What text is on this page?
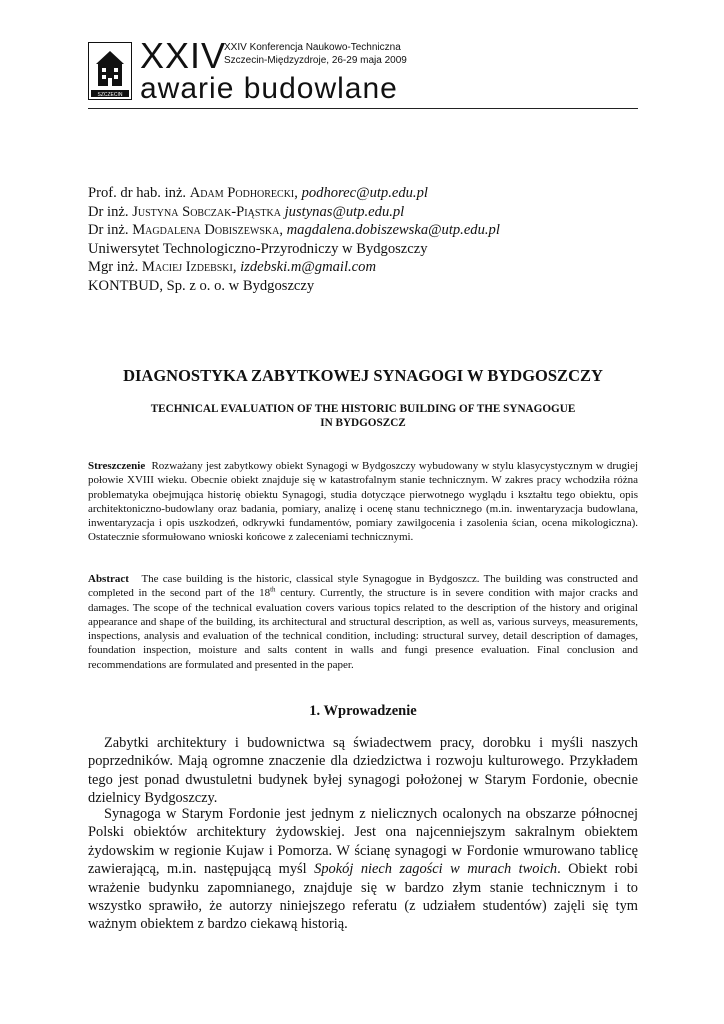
SZCZECIN
XXIV
XXIV Konferencja Naukowo-Techniczna
Szczecin-Międzyzdroje, 26-29 maja 2009
awarie budowlane
Prof. dr hab. inż. Adam Podhorecki, podhorec@utp.edu.pl
Dr inż. Justyna Sobczak-Piąstka justynas@utp.edu.pl
Dr inż. Magdalena Dobiszewska, magdalena.dobiszewska@utp.edu.pl
Uniwersytet Technologiczno-Przyrodniczy w Bydgoszczy
Mgr inż. Maciej Izdebski, izdebski.m@gmail.com
KONTBUD, Sp. z o. o. w Bydgoszczy
DIAGNOSTYKA ZABYTKOWEJ SYNAGOGI W BYDGOSZCZY
TECHNICAL EVALUATION OF THE HISTORIC BUILDING OF THE SYNAGOGUE
IN BYDGOSZCZ
Streszczenie Rozważany jest zabytkowy obiekt Synagogi w Bydgoszczy wybudowany w stylu klasycystycznym w drugiej połowie XVIII wieku. Obecnie obiekt znajduje się w katastrofalnym stanie technicznym. W zakres pracy wchodziła różna problematyka obejmująca historię obiektu Synagogi, studia dotyczące pierwotnego wyglądu i kształtu tego obiektu, opis architektoniczno-budowlany oraz badania, pomiary, analizę i ocenę stanu technicznego (m.in. inwentaryzacja budowlana, inwentaryzacja i opis uszkodzeń, odkrywki fundamentów, pomiary zawilgocenia i zasolenia ścian, ocena mikologiczna). Ostatecznie sformułowano wnioski końcowe z zaleceniami technicznymi.
Abstract The case building is the historic, classical style Synagogue in Bydgoszcz. The building was constructed and completed in the second part of the 18th century. Currently, the structure is in severe condition with major cracks and damages. The scope of the technical evaluation covers various topics related to the description of the history and original appearance and shape of the building, its architectural and structural description, as well as, various surveys, measurements, inspections, analysis and evaluation of the technical condition, including: structural survey, detail description of damages, foundation inspection, moisture and salts content in walls and fungi presence evaluation. Final conclusion and recommendations are formulated and presented in the paper.
1. Wprowadzenie
Zabytki architektury i budownictwa są świadectwem pracy, dorobku i myśli naszych poprzedników. Mają ogromne znaczenie dla dziedzictwa i rozwoju kulturowego. Przykładem tego jest ponad dwustuletni budynek byłej synagogi położonej w Starym Fordonie, obecnie dzielnicy Bydgoszczy.
Synagoga w Starym Fordonie jest jednym z nielicznych ocalonych na obszarze północnej Polski obiektów architektury żydowskiej. Jest ona najcenniejszym sakralnym obiektem żydowskim w regionie Kujaw i Pomorza. W ścianę synagogi w Fordonie wmurowano tablicę zawierającą, m.in. następującą myśl Spokój niech zagości w murach twoich. Obiekt robi wrażenie budynku zapomnianego, znajduje się w bardzo złym stanie technicznym i to wszystko sprawiło, że autorzy niniejszego referatu (z udziałem studentów) zajęli się tym ważnym obiektem z bardzo ciekawą historią.
